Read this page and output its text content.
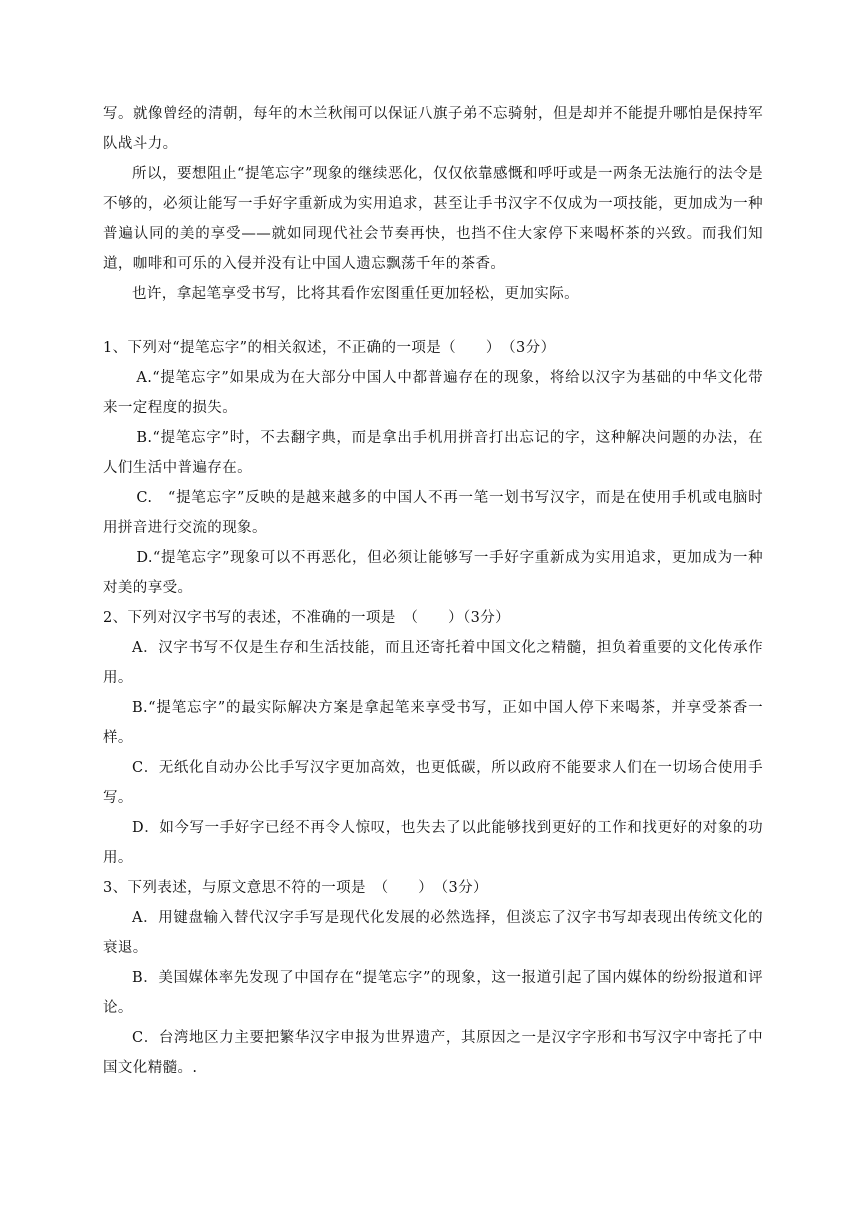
写。就像曾经的清朝，每年的木兰秋闱可以保证八旗子弟不忘骑射，但是却并不能提升哪怕是保持军队战斗力。

所以，要想阻止“提笔忘字”现象的继续恶化，仅仅依靠感慨和呼吁或是一两条无法施行的法令是不够的，必须让能写一手好字重新成为实用追求，甚至让手书汉字不仅成为一项技能，更加成为一种普遍认同的美的享受——就如同现代社会节奏再快，也挡不住大家停下来喝杯茶的兴致。而我们知道，咖啡和可乐的入侵并没有让中国人遗忘飘荡千年的茶香。

也许，拿起笔享受书写，比将其看作宏图重任更加轻松，更加实际。

1、下列对“提笔忘字”的相关叙述，不正确的一项是（　　）　（3分）

A.“提笔忘字”如果成为在大部分中国人中都普遍存在的现象，将给以汉字为基础的中华文化带来一定程度的损失。

B.“提笔忘字”时，不去翻字典，而是拿出手机用拼音打出忘记的字，这种解决问题的办法，在人们生活中普遍存在。

C.　“提笔忘字”反映的是越来越多的中国人不再一笔一划书写汉字，而是在使用手机或电脑时用拼音进行交流的现象。

D.“提笔忘字”现象可以不再恶化，但必须让能够写一手好字重新成为实用追求，更加成为一种对美的享受。

2、下列对汉字书写的表述，不准确的一项是　（　　）（3分）

A．汉字书写不仅是生存和生活技能，而且还寄托着中国文化之精髓，担负着重要的文化传承作用。

B.“提笔忘字”的最实际解决方案是拿起笔来享受书写，正如中国人停下来喝茶，并享受茶香一样。

C．无纸化自动办公比手写汉字更加高效，也更低碳，所以政府不能要求人们在一切场合使用手写。

D．如今写一手好字已经不再令人惊叹，也失去了以此能够找到更好的工作和找更好的对象的功用。

3、下列表述，与原文意思不符的一项是　（　　）　（3分）

A．用键盘输入替代汉字手写是现代化发展的必然选择，但淡忘了汉字书写却表现出传统文化的衰退。

B．美国媒体率先发现了中国存在“提笔忘字”的现象，这一报道引起了国内媒体的纷纷报道和评论。

C．台湾地区力主要把繁华汉字申报为世界遗产，其原因之一是汉字字形和书写汉字中寄托了中国文化精髓。.
